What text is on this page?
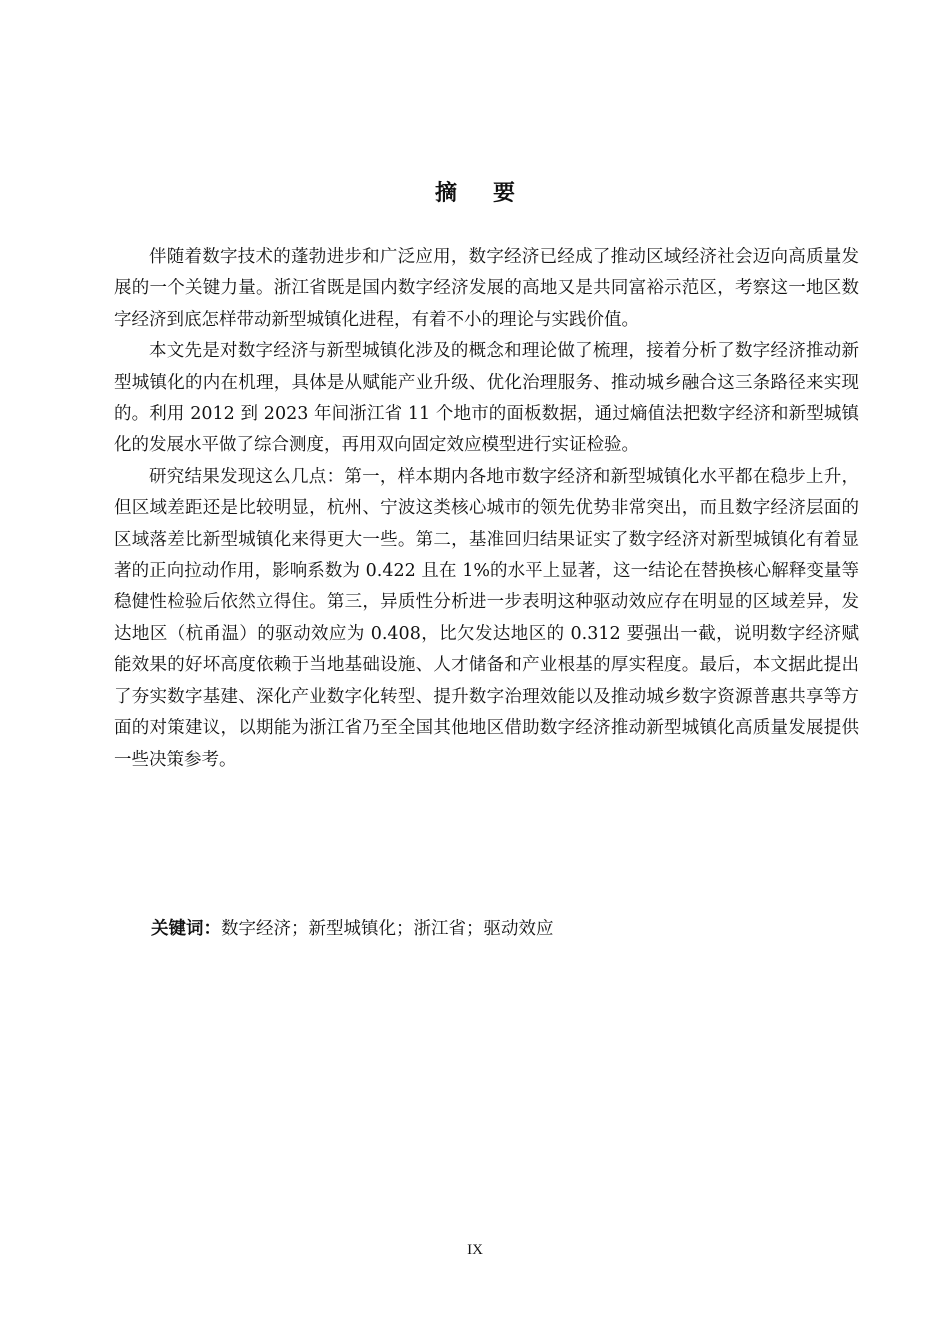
摘要

伴随着数字技术的蓬勃进步和广泛应用，数字经济已经成了推动区域经济社会迈向高质量发展的一个关键力量。浙江省既是国内数字经济发展的高地又是共同富裕示范区，考察这一地区数字经济到底怎样带动新型城镇化进程，有着不小的理论与实践价值。

本文先是对数字经济与新型城镇化涉及的概念和理论做了梳理，接着分析了数字经济推动新型城镇化的内在机理，具体是从赋能产业升级、优化治理服务、推动城乡融合这三条路径来实现的。利用 2012 到 2023 年间浙江省 11 个地市的面板数据，通过熵值法把数字经济和新型城镇化的发展水平做了综合测度，再用双向固定效应模型进行实证检验。

研究结果发现这么几点：第一，样本期内各地市数字经济和新型城镇化水平都在稳步上升，但区域差距还是比较明显，杭州、宁波这类核心城市的领先优势非常突出，而且数字经济层面的区域落差比新型城镇化来得更大一些。第二，基准回归结果证实了数字经济对新型城镇化有着显著的正向拉动作用，影响系数为 0.422 且在 1%的水平上显著，这一结论在替换核心解释变量等稳健性检验后依然立得住。第三，异质性分析进一步表明这种驱动效应存在明显的区域差异，发达地区（杭甬温）的驱动效应为 0.408，比欠发达地区的 0.312 要强出一截，说明数字经济赋能效果的好坏高度依赖于当地基础设施、人才储备和产业根基的厚实程度。最后，本文据此提出了夯实数字基建、深化产业数字化转型、提升数字治理效能以及推动城乡数字资源普惠共享等方面的对策建议，以期能为浙江省乃至全国其他地区借助数字经济推动新型城镇化高质量发展提供一些决策参考。

关键词：数字经济；新型城镇化；浙江省；驱动效应
IX
